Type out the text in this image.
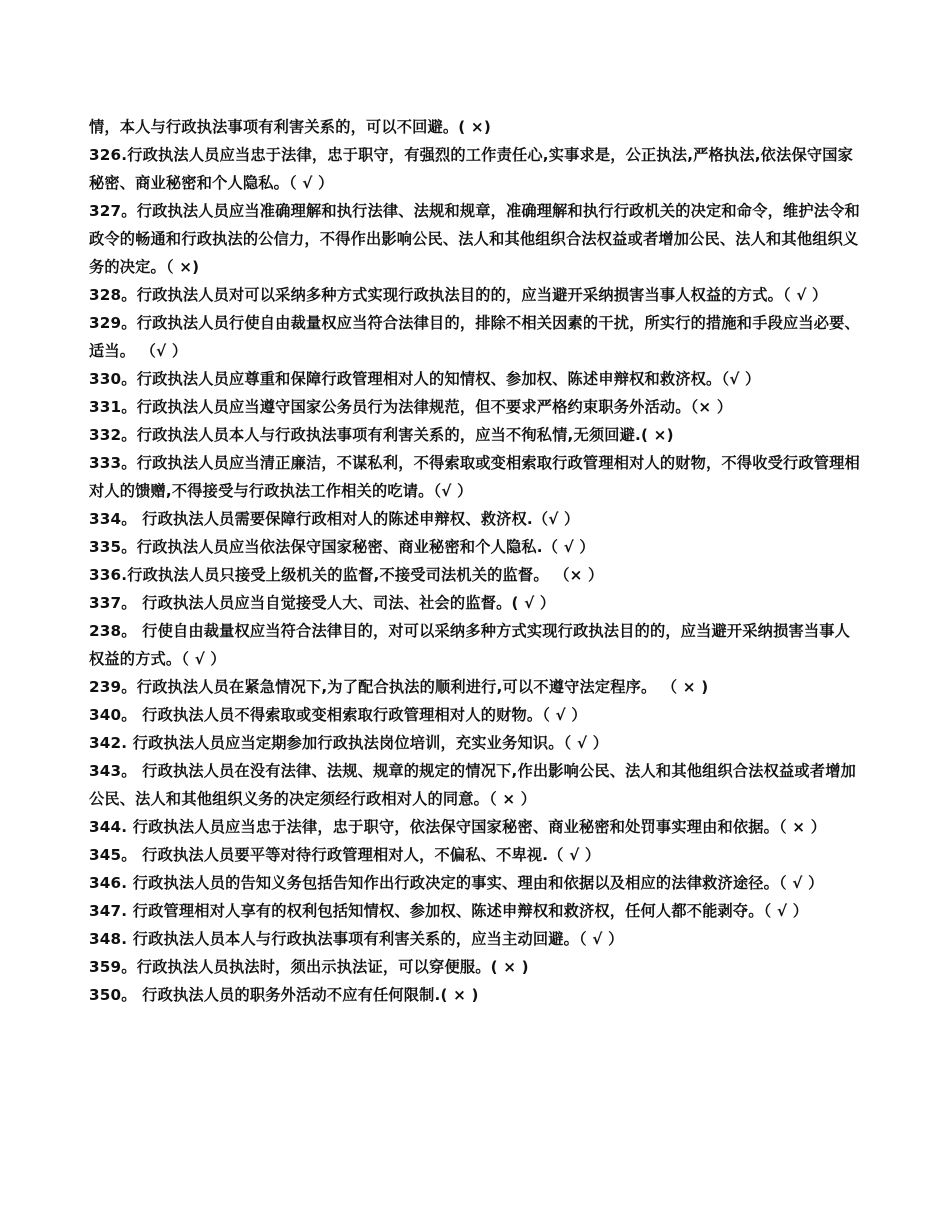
情，本人与行政执法事项有利害关系的，可以不回避。( ×)

326.行政执法人员应当忠于法律，忠于职守，有强烈的工作责任心,实事求是，公正执法,严格执法,依法保守国家秘密、商业秘密和个人隐私。（ √ ）

327。行政执法人员应当准确理解和执行法律、法规和规章，准确理解和执行行政机关的决定和命令，维护法令和政令的畅通和行政执法的公信力，不得作出影响公民、法人和其他组织合法权益或者增加公民、法人和其他组织义务的决定。（ ×)

328。行政执法人员对可以采纳多种方式实现行政执法目的的，应当避开采纳损害当事人权益的方式。（ √ ）

329。行政执法人员行使自由裁量权应当符合法律目的，排除不相关因素的干扰，所实行的措施和手段应当必要、适当。 （√ ）

330。行政执法人员应尊重和保障行政管理相对人的知情权、参加权、陈述申辩权和救济权。（√ ）

331。行政执法人员应当遵守国家公务员行为法律规范，但不要求严格约束职务外活动。（× ）

332。行政执法人员本人与行政执法事项有利害关系的，应当不徇私情,无须回避.( ×)

333。行政执法人员应当清正廉洁，不谋私利，不得索取或变相索取行政管理相对人的财物，不得收受行政管理相对人的馈赠,不得接受与行政执法工作相关的吃请。（√ ）

334。 行政执法人员需要保障行政相对人的陈述申辩权、救济权.（√ ）

335。行政执法人员应当依法保守国家秘密、商业秘密和个人隐私.（ √ ）

336.行政执法人员只接受上级机关的监督,不接受司法机关的监督。 （× ）

337。 行政执法人员应当自觉接受人大、司法、社会的监督。( √ ）

238。 行使自由裁量权应当符合法律目的，对可以采纳多种方式实现行政执法目的的，应当避开采纳损害当事人权益的方式。（ √ ）

239。行政执法人员在紧急情况下,为了配合执法的顺利进行,可以不遵守法定程序。 （ × )

340。 行政执法人员不得索取或变相索取行政管理相对人的财物。（ √ ）

342. 行政执法人员应当定期参加行政执法岗位培训，充实业务知识。（ √ ）

343。 行政执法人员在没有法律、法规、规章的规定的情况下,作出影响公民、法人和其他组织合法权益或者增加公民、法人和其他组织义务的决定须经行政相对人的同意。（ × ）

344. 行政执法人员应当忠于法律，忠于职守，依法保守国家秘密、商业秘密和处罚事实理由和依据。（ × ）

345。 行政执法人员要平等对待行政管理相对人，不偏私、不卑视.（ √ ）

346. 行政执法人员的告知义务包括告知作出行政决定的事实、理由和依据以及相应的法律救济途径。（ √ ）

347. 行政管理相对人享有的权利包括知情权、参加权、陈述申辩权和救济权，任何人都不能剥夺。（ √ ）

348. 行政执法人员本人与行政执法事项有利害关系的，应当主动回避。（ √ ）

359。行政执法人员执法时，须出示执法证，可以穿便服。( × )

350。 行政执法人员的职务外活动不应有任何限制.( × )
